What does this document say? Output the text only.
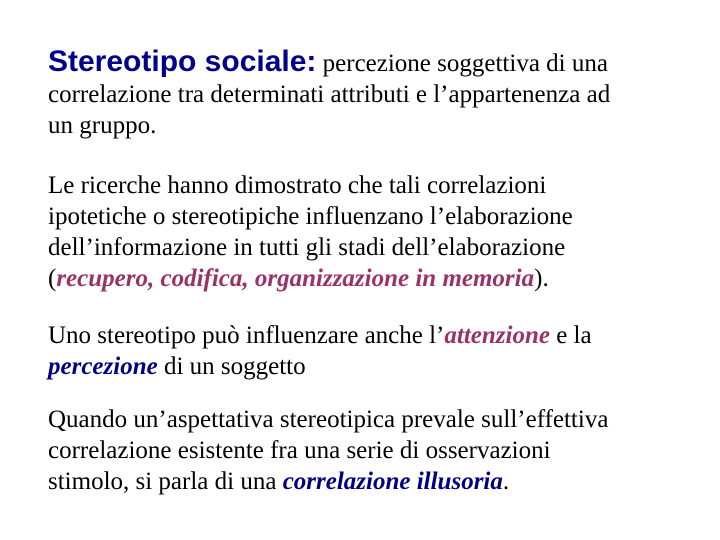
Stereotipo sociale: percezione soggettiva di una
correlazione tra determinati attributi e l’appartenenza ad
un gruppo.

Le ricerche hanno dimostrato che tali correlazioni
ipotetiche o stereotipiche influenzano l’elaborazione
dell’informazione in tutti gli stadi dell’elaborazione
(recupero, codifica, organizzazione in memoria).

Uno stereotipo può influenzare anche l’attenzione e la
percezione di un soggetto

Quando un’aspettativa stereotipica prevale sull’effettiva
correlazione esistente fra una serie di osservazioni
stimolo, si parla di una correlazione illusoria.
